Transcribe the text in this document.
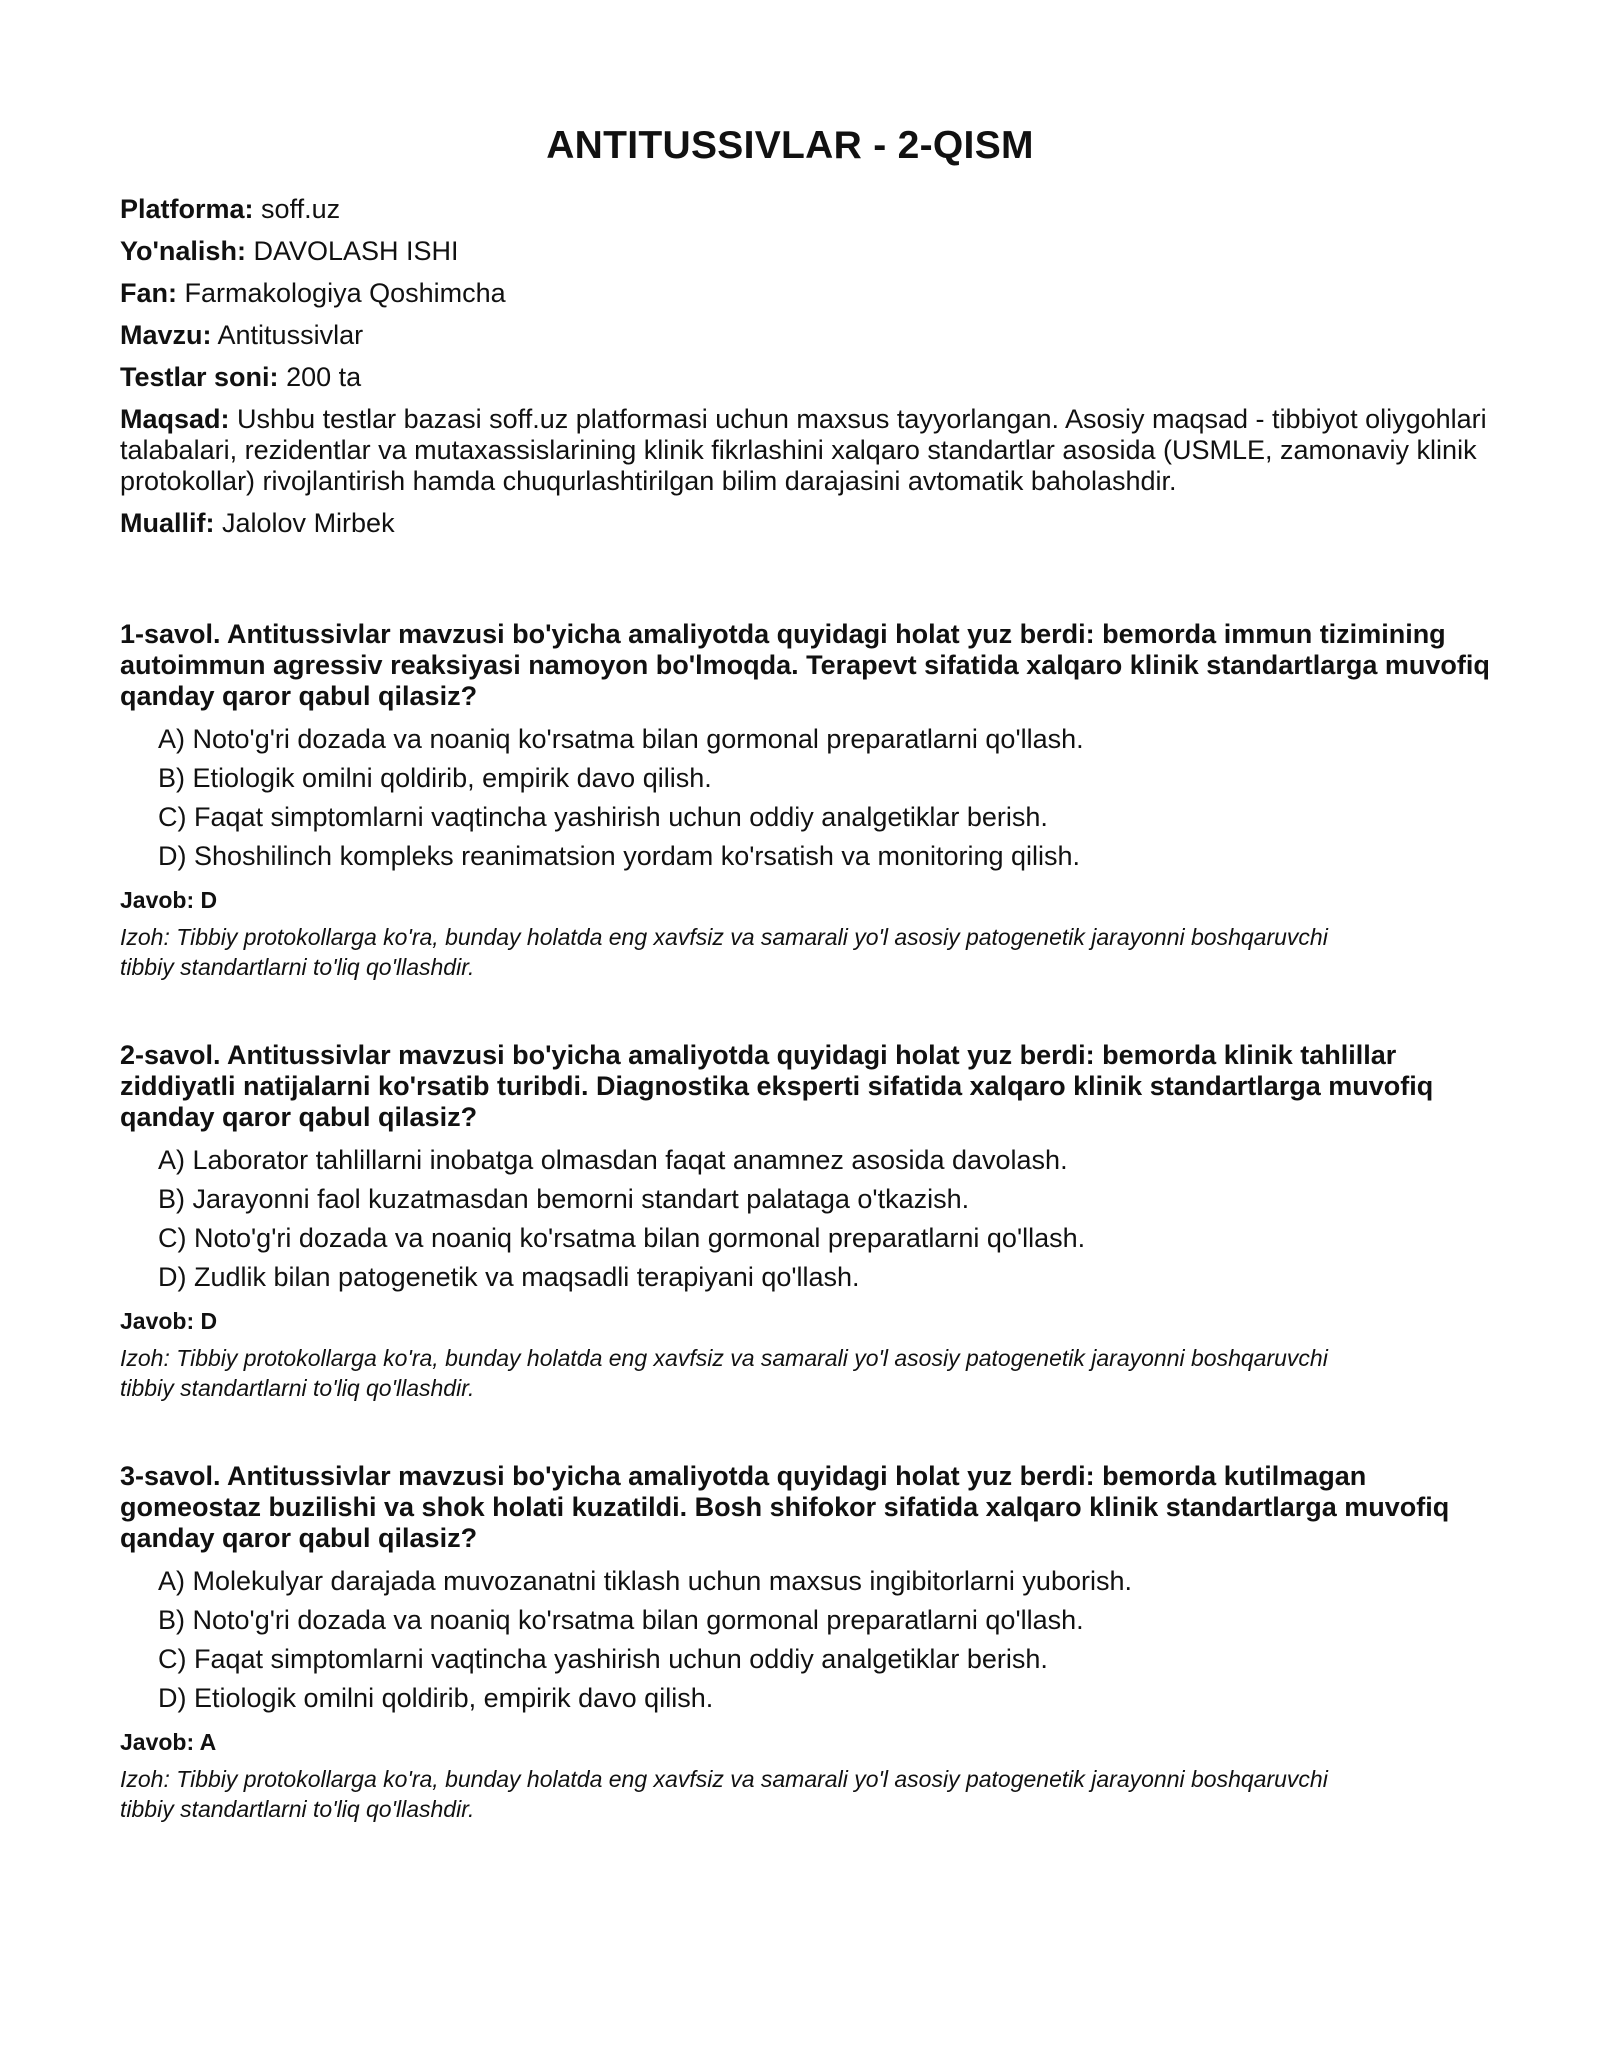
ANTITUSSIVLAR - 2-QISM
Platforma: soff.uz
Yo'nalish: DAVOLASH ISHI
Fan: Farmakologiya Qoshimcha
Mavzu: Antitussivlar
Testlar soni: 200 ta
Maqsad: Ushbu testlar bazasi soff.uz platformasi uchun maxsus tayyorlangan. Asosiy maqsad - tibbiyot oliygohlari talabalari, rezidentlar va mutaxassislarining klinik fikrlashini xalqaro standartlar asosida (USMLE, zamonaviy klinik protokollar) rivojlantirish hamda chuqurlashtirilgan bilim darajasini avtomatik baholashdir.
Muallif: Jalolov Mirbek

1-savol. Antitussivlar mavzusi bo'yicha amaliyotda quyidagi holat yuz berdi: bemorda immun tizimining autoimmun agressiv reaksiyasi namoyon bo'lmoqda. Terapevt sifatida xalqaro klinik standartlarga muvofiq qanday qaror qabul qilasiz?

A) Noto'g'ri dozada va noaniq ko'rsatma bilan gormonal preparatlarni qo'llash.
B) Etiologik omilni qoldirib, empirik davo qilish.
C) Faqat simptomlarni vaqtincha yashirish uchun oddiy analgetiklar berish.
D) Shoshilinch kompleks reanimatsion yordam ko'rsatish va monitoring qilish.
Javob: D
Izoh: Tibbiy protokollarga ko'ra, bunday holatda eng xavfsiz va samarali yo'l asosiy patogenetik jarayonni boshqaruvchi tibbiy standartlarni to'liq qo'llashdir.

2-savol. Antitussivlar mavzusi bo'yicha amaliyotda quyidagi holat yuz berdi: bemorda klinik tahlillar ziddiyatli natijalarni ko'rsatib turibdi. Diagnostika eksperti sifatida xalqaro klinik standartlarga muvofiq qanday qaror qabul qilasiz?

A) Laborator tahlillarni inobatga olmasdan faqat anamnez asosida davolash.
B) Jarayonni faol kuzatmasdan bemorni standart palataga o'tkazish.
C) Noto'g'ri dozada va noaniq ko'rsatma bilan gormonal preparatlarni qo'llash.
D) Zudlik bilan patogenetik va maqsadli terapiyani qo'llash.
Javob: D
Izoh: Tibbiy protokollarga ko'ra, bunday holatda eng xavfsiz va samarali yo'l asosiy patogenetik jarayonni boshqaruvchi tibbiy standartlarni to'liq qo'llashdir.

3-savol. Antitussivlar mavzusi bo'yicha amaliyotda quyidagi holat yuz berdi: bemorda kutilmagan gomeostaz buzilishi va shok holati kuzatildi. Bosh shifokor sifatida xalqaro klinik standartlarga muvofiq qanday qaror qabul qilasiz?

A) Molekulyar darajada muvozanatni tiklash uchun maxsus ingibitorlarni yuborish.
B) Noto'g'ri dozada va noaniq ko'rsatma bilan gormonal preparatlarni qo'llash.
C) Faqat simptomlarni vaqtincha yashirish uchun oddiy analgetiklar berish.
D) Etiologik omilni qoldirib, empirik davo qilish.
Javob: A
Izoh: Tibbiy protokollarga ko'ra, bunday holatda eng xavfsiz va samarali yo'l asosiy patogenetik jarayonni boshqaruvchi tibbiy standartlarni to'liq qo'llashdir.
